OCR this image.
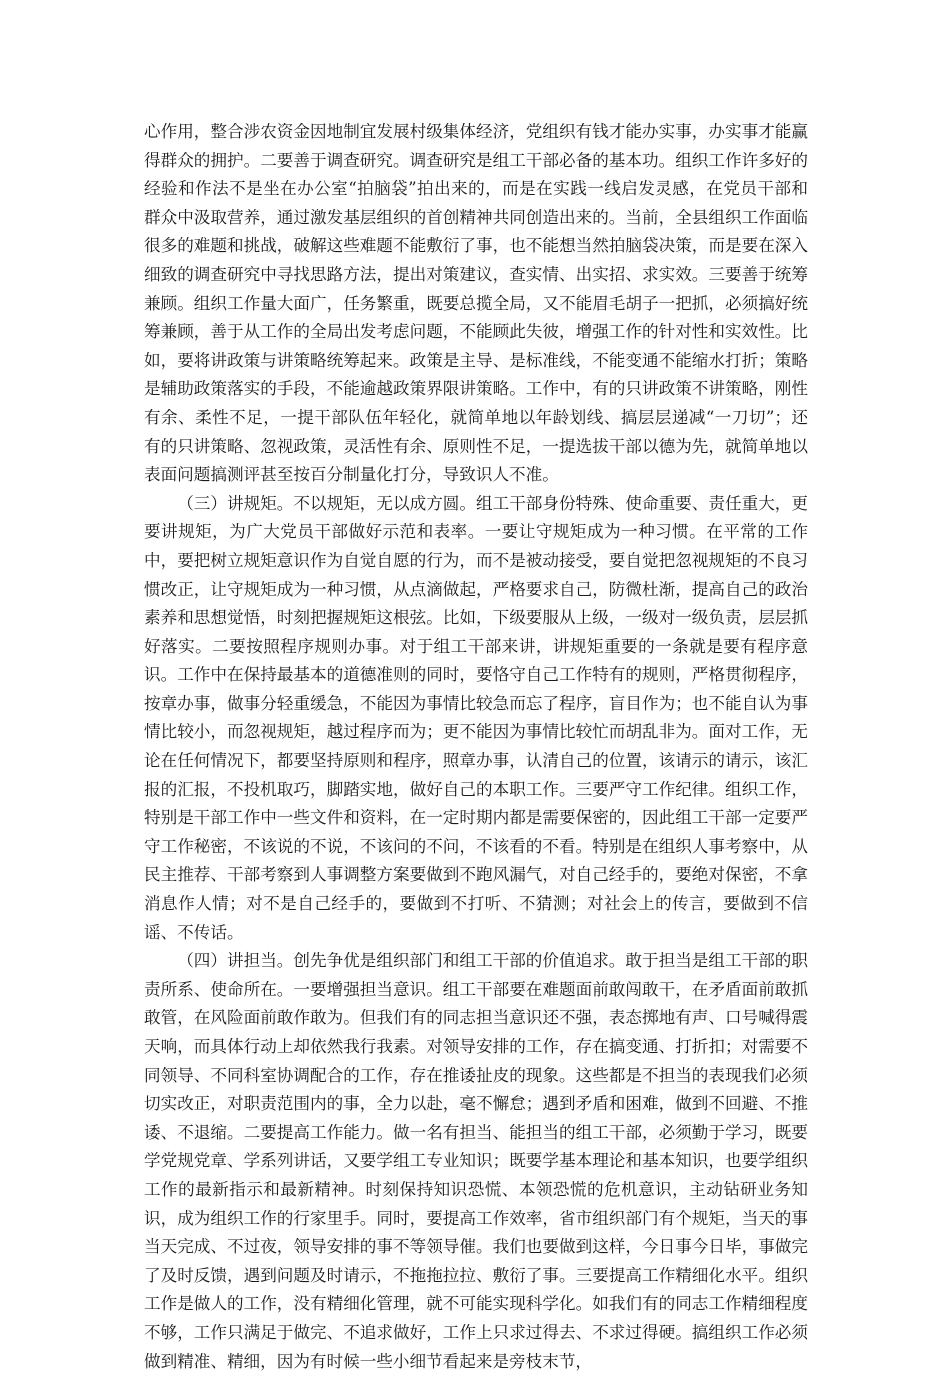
心作用，整合涉农资金因地制宜发展村级集体经济，党组织有钱才能办实事，办实事才能赢得群众的拥护。二要善于调查研究。调查研究是组工干部必备的基本功。组织工作许多好的经验和作法不是坐在办公室“拍脑袋”拍出来的，而是在实践一线启发灵感，在党员干部和群众中汲取营养，通过激发基层组织的首创精神共同创造出来的。当前，全县组织工作面临很多的难题和挑战，破解这些难题不能敷衍了事，也不能想当然拍脑袋决策，而是要在深入细致的调查研究中寻找思路方法，提出对策建议，查实情、出实招、求实效。三要善于统筹兼顾。组织工作量大面广，任务繁重，既要总揽全局，又不能眉毛胡子一把抓，必须搞好统筹兼顾，善于从工作的全局出发考虑问题，不能顾此失彼，增强工作的针对性和实效性。比如，要将讲政策与讲策略统筹起来。政策是主导、是标准线，不能变通不能缩水打折；策略是辅助政策落实的手段，不能逾越政策界限讲策略。工作中，有的只讲政策不讲策略，刚性有余、柔性不足，一提干部队伍年轻化，就简单地以年龄划线、搞层层递减“一刀切”；还有的只讲策略、忽视政策，灵活性有余、原则性不足，一提选拔干部以德为先，就简单地以表面问题搞测评甚至按百分制量化打分，导致识人不准。

（三）讲规矩。不以规矩，无以成方圆。组工干部身份特殊、使命重要、责任重大，更要讲规矩，为广大党员干部做好示范和表率。一要让守规矩成为一种习惯。在平常的工作中，要把树立规矩意识作为自觉自愿的行为，而不是被动接受，要自觉把忽视规矩的不良习惯改正，让守规矩成为一种习惯，从点滴做起，严格要求自己，防微杜渐，提高自己的政治素养和思想觉悟，时刻把握规矩这根弦。比如，下级要服从上级，一级对一级负责，层层抓好落实。二要按照程序规则办事。对于组工干部来讲，讲规矩重要的一条就是要有程序意识。工作中在保持最基本的道德准则的同时，要恪守自己工作特有的规则，严格贯彻程序，按章办事，做事分轻重缓急，不能因为事情比较急而忘了程序，盲目作为；也不能自认为事情比较小，而忽视规矩，越过程序而为；更不能因为事情比较忙而胡乱非为。面对工作，无论在任何情况下，都要坚持原则和程序，照章办事，认清自己的位置，该请示的请示，该汇报的汇报，不投机取巧，脚踏实地，做好自己的本职工作。三要严守工作纪律。组织工作，特别是干部工作中一些文件和资料，在一定时期内都是需要保密的，因此组工干部一定要严守工作秘密，不该说的不说，不该问的不问，不该看的不看。特别是在组织人事考察中，从民主推荐、干部考察到人事调整方案要做到不跑风漏气，对自己经手的，要绝对保密，不拿消息作人情；对不是自己经手的，要做到不打听、不猜测；对社会上的传言，要做到不信谣、不传话。

（四）讲担当。创先争优是组织部门和组工干部的价值追求。敢于担当是组工干部的职责所系、使命所在。一要增强担当意识。组工干部要在难题面前敢闯敢干，在矛盾面前敢抓敢管，在风险面前敢作敢为。但我们有的同志担当意识还不强，表态掷地有声、口号喊得震天响，而具体行动上却依然我行我素。对领导安排的工作，存在搞变通、打折扣；对需要不同领导、不同科室协调配合的工作，存在推诿扯皮的现象。这些都是不担当的表现我们必须切实改正，对职责范围内的事，全力以赴，毫不懈怠；遇到矛盾和困难，做到不回避、不推诿、不退缩。二要提高工作能力。做一名有担当、能担当的组工干部，必须勤于学习，既要学党规党章、学系列讲话，又要学组工专业知识；既要学基本理论和基本知识，也要学组织工作的最新指示和最新精神。时刻保持知识恐慌、本领恐慌的危机意识，主动钻研业务知识，成为组织工作的行家里手。同时，要提高工作效率，省市组织部门有个规矩，当天的事当天完成、不过夜，领导安排的事不等领导催。我们也要做到这样，今日事今日毕，事做完了及时反馈，遇到问题及时请示，不拖拖拉拉、敷衍了事。三要提高工作精细化水平。组织工作是做人的工作，没有精细化管理，就不可能实现科学化。如我们有的同志工作精细程度不够，工作只满足于做完、不追求做好，工作上只求过得去、不求过得硬。搞组织工作必须做到精准、精细，因为有时候一些小细节看起来是旁枝末节，
